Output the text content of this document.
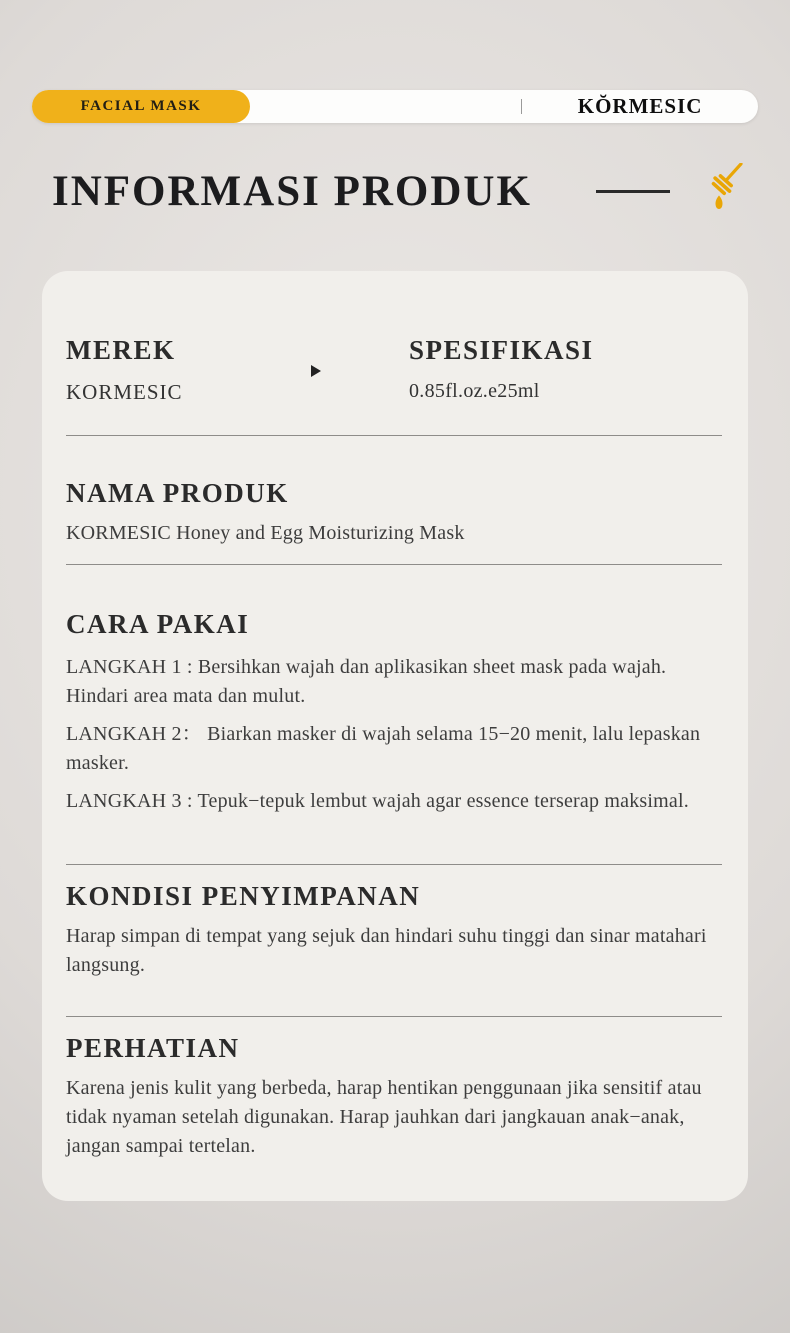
FACIAL MASK	KŎRMESIC
INFORMASI PRODUK
MEREK
KORMESIC
SPESIFIKASI
0.85fl.oz.e25ml
NAMA PRODUK
KORMESIC Honey and Egg Moisturizing Mask
CARA PAKAI

LANGKAH 1 : Bersihkan wajah dan aplikasikan sheet mask pada wajah. Hindari area mata dan mulut.

LANGKAH 2： Biarkan masker di wajah selama 15−20 menit, lalu lepaskan masker.

LANGKAH 3 : Tepuk−tepuk lembut wajah agar essence terserap maksimal.

KONDISI PENYIMPANAN
Harap simpan di tempat yang sejuk dan hindari suhu tinggi dan sinar matahari langsung.
PERHATIAN
Karena jenis kulit yang berbeda, harap hentikan penggunaan jika sensitif atau tidak nyaman setelah digunakan. Harap jauhkan dari jangkauan anak−anak, jangan sampai tertelan.
